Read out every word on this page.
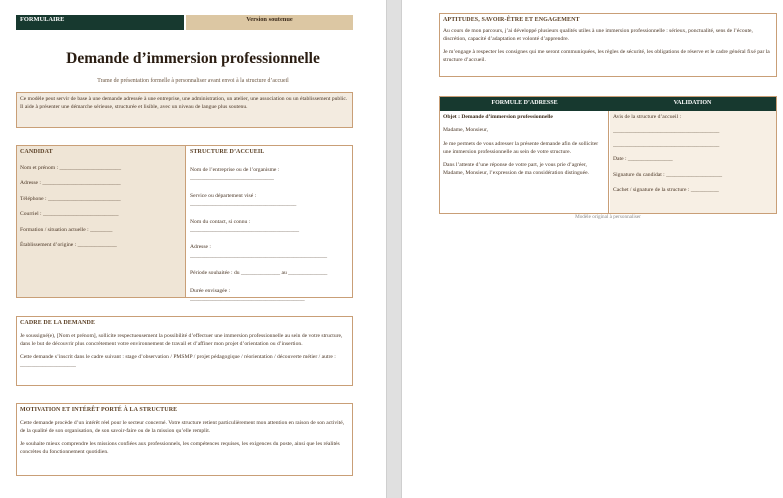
FORMULAIRE	Version soutenue
Demande d’immersion professionnelle
Trame de présentation formelle à personnaliser avant envoi à la structure d’accueil
Ce modèle peut servir de base à une demande adressée à une entreprise, une administration, un atelier, une association ou un établissement public. Il aide à présenter une démarche sérieuse, structurée et lisible, avec un niveau de langue plus soutenu.
CANDIDAT
Nom et prénom : ______________________
Adresse : ____________________________
Téléphone : __________________________
Courriel : ___________________________
Formation / situation actuelle : ________
Établissement d’origine : ______________
STRUCTURE D’ACCUEIL
Nom de l’entreprise ou de l’organisme :
______________________________
Service ou département visé :
______________________________________
Nom du contact, si connu :
_______________________________________
Adresse :
_________________________________________________
Période souhaitée : du ______________ au ______________
Durée envisagée :
_________________________________________
CADRE DE LA DEMANDE

Je soussigné(e), [Nom et prénom], sollicite respectueusement la possibilité d’effectuer une immersion professionnelle au sein de votre structure, dans le but de découvrir plus concrètement votre environnement de travail et d’affiner mon projet d’orientation ou d’insertion.

Cette demande s’inscrit dans le cadre suivant : stage d’observation / PMSMP / projet pédagogique / réorientation / découverte métier / autre : ____________________

MOTIVATION ET INTÉRÊT PORTÉ À LA STRUCTURE

Cette demande procède d’un intérêt réel pour le secteur concerné. Votre structure retient particulièrement mon attention en raison de son activité, de la qualité de son organisation, de son savoir-faire ou de la mission qu’elle remplit.

Je souhaite mieux comprendre les missions confiées aux professionnels, les compétences requises, les exigences du poste, ainsi que les réalités concrètes du fonctionnement quotidien.

APTITUDES, SAVOIR-ÊTRE ET ENGAGEMENT

Au cours de mon parcours, j’ai développé plusieurs qualités utiles à une immersion professionnelle : sérieux, ponctualité, sens de l’écoute, discrétion, capacité d’adaptation et volonté d’apprendre.

Je m’engage à respecter les consignes qui me seront communiquées, les règles de sécurité, les obligations de réserve et le cadre général fixé par la structure d’accueil.

FORMULE D’ADRESSE	VALIDATION
Objet : Demande d’immersion professionnelle

Madame, Monsieur,

Je me permets de vous adresser la présente demande afin de solliciter une immersion professionnelle au sein de votre structure.

Dans l’attente d’une réponse de votre part, je vous prie d’agréer, Madame, Monsieur, l’expression de ma considération distinguée.

Avis de la structure d’accueil :
______________________________________
______________________________________
Date : ________________
Signature du candidat : ____________________
Cachet / signature de la structure : __________
Modèle original à personnaliser
